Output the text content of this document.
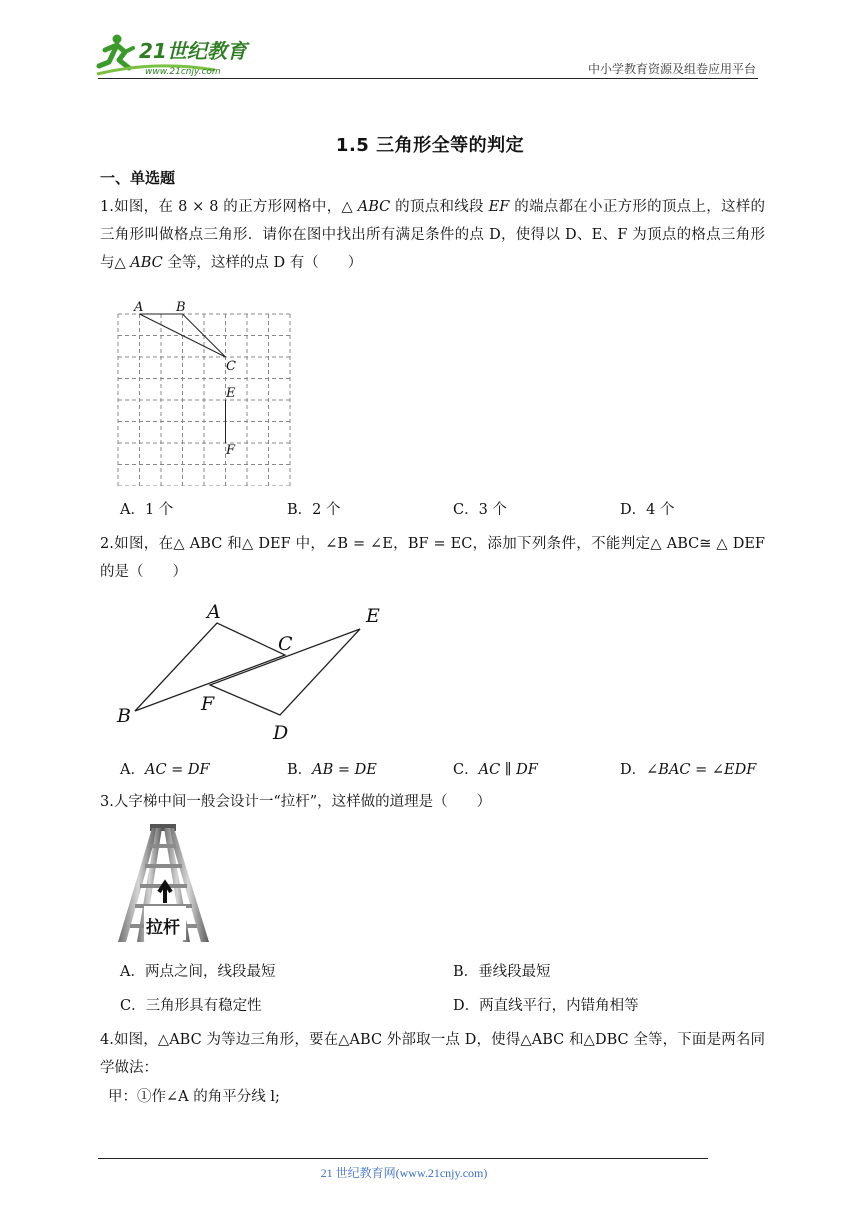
21世纪教育
www.21cnjy.com	中小学教育资源及组卷应用平台
1.5 三角形全等的判定
一、单选题
1.如图，在 8 × 8 的正方形网格中，△ ABC 的顶点和线段 EF 的端点都在小正方形的顶点上，这样的三角形叫做格点三角形．请你在图中找出所有满足条件的点 D，使得以 D、E、F 为顶点的格点三角形与△ ABC 全等，这样的点 D 有（　　）
A	B
C
E
F
A．1 个	B．2 个	C．3 个	D．4 个
2.如图，在△ ABC 和△ DEF 中，∠B = ∠E，BF = EC，添加下列条件，不能判定△ ABC≅ △ DEF 的是（　　）
A
B
C
D
E
F
A．AC = DF	B．AB = DE	C．AC ∥ DF	D．∠BAC = ∠EDF
3.人字梯中间一般会设计一“拉杆”，这样做的道理是（　　）
拉杆
A．两点之间，线段最短	B．垂线段最短
C．三角形具有稳定性	D．两直线平行，内错角相等
4.如图，△ABC 为等边三角形，要在△ABC 外部取一点 D，使得△ABC 和△DBC 全等，下面是两名同学做法：
甲：①作∠A 的角平分线 l;
21 世纪教育网(www.21cnjy.com)
